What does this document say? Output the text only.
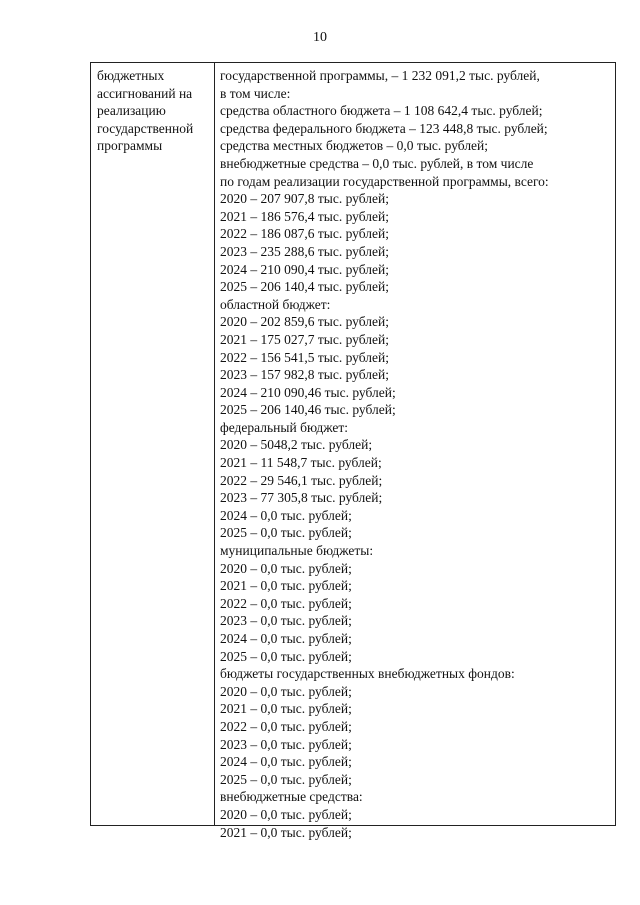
10
бюджетных
ассигнований на
реализацию
государственной
программы
государственной программы, – 1 232 091,2 тыс. рублей,
в том числе:
средства областного бюджета – 1 108 642,4 тыс. рублей;
средства федерального бюджета – 123 448,8 тыс. рублей;
средства местных бюджетов – 0,0 тыс. рублей;
внебюджетные средства – 0,0 тыс. рублей, в том числе
по годам реализации государственной программы, всего:
2020 – 207 907,8 тыс. рублей;
2021 – 186 576,4 тыс. рублей;
2022 – 186 087,6 тыс. рублей;
2023 – 235 288,6 тыс. рублей;
2024 – 210 090,4 тыс. рублей;
2025 – 206 140,4 тыс. рублей;
областной бюджет:
2020 – 202 859,6 тыс. рублей;
2021 – 175 027,7 тыс. рублей;
2022 – 156 541,5 тыс. рублей;
2023 – 157 982,8 тыс. рублей;
2024 – 210 090,46 тыс. рублей;
2025 – 206 140,46 тыс. рублей;
федеральный бюджет:
2020 – 5048,2 тыс. рублей;
2021 – 11 548,7 тыс. рублей;
2022 – 29 546,1 тыс. рублей;
2023 – 77 305,8 тыс. рублей;
2024 – 0,0 тыс. рублей;
2025 – 0,0 тыс. рублей;
муниципальные бюджеты:
2020 – 0,0 тыс. рублей;
2021 – 0,0 тыс. рублей;
2022 – 0,0 тыс. рублей;
2023 – 0,0 тыс. рублей;
2024 – 0,0 тыс. рублей;
2025 – 0,0 тыс. рублей;
бюджеты государственных внебюджетных фондов:
2020 – 0,0 тыс. рублей;
2021 – 0,0 тыс. рублей;
2022 – 0,0 тыс. рублей;
2023 – 0,0 тыс. рублей;
2024 – 0,0 тыс. рублей;
2025 – 0,0 тыс. рублей;
внебюджетные средства:
2020 – 0,0 тыс. рублей;
2021 – 0,0 тыс. рублей;
